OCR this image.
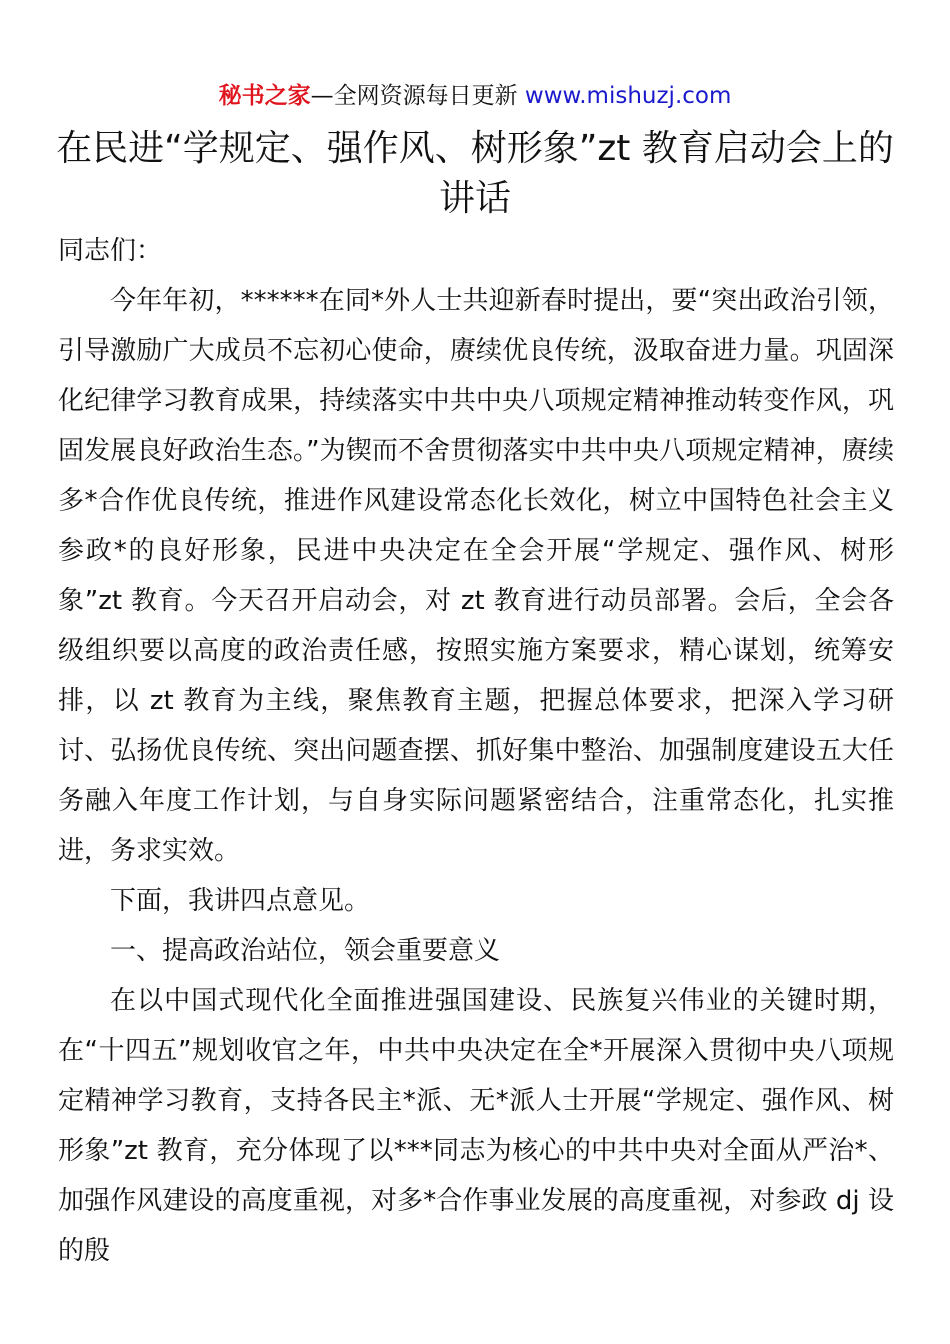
秘书之家—全网资源每日更新 www.mishuzj.com
在民进“学规定、强作风、树形象”zt 教育启动会上的讲话

同志们：

今年年初，******在同*外人士共迎新春时提出，要“突出政治引领，引导激励广大成员不忘初心使命，赓续优良传统，汲取奋进力量。巩固深化纪律学习教育成果，持续落实中共中央八项规定精神推动转变作风，巩固发展良好政治生态。”为锲而不舍贯彻落实中共中央八项规定精神，赓续多*合作优良传统，推进作风建设常态化长效化，树立中国特色社会主义参政*的良好形象，民进中央决定在全会开展“学规定、强作风、树形象”zt 教育。今天召开启动会，对 zt 教育进行动员部署。会后，全会各级组织要以高度的政治责任感，按照实施方案要求，精心谋划，统筹安排，以 zt 教育为主线，聚焦教育主题，把握总体要求，把深入学习研讨、弘扬优良传统、突出问题查摆、抓好集中整治、加强制度建设五大任务融入年度工作计划，与自身实际问题紧密结合，注重常态化，扎实推进，务求实效。

下面，我讲四点意见。

一、提高政治站位，领会重要意义

在以中国式现代化全面推进强国建设、民族复兴伟业的关键时期，在“十四五”规划收官之年，中共中央决定在全*开展深入贯彻中央八项规定精神学习教育，支持各民主*派、无*派人士开展“学规定、强作风、树形象”zt 教育，充分体现了以***同志为核心的中共中央对全面从严治*、加强作风建设的高度重视，对多*合作事业发展的高度重视，对参政 dj 设的殷
